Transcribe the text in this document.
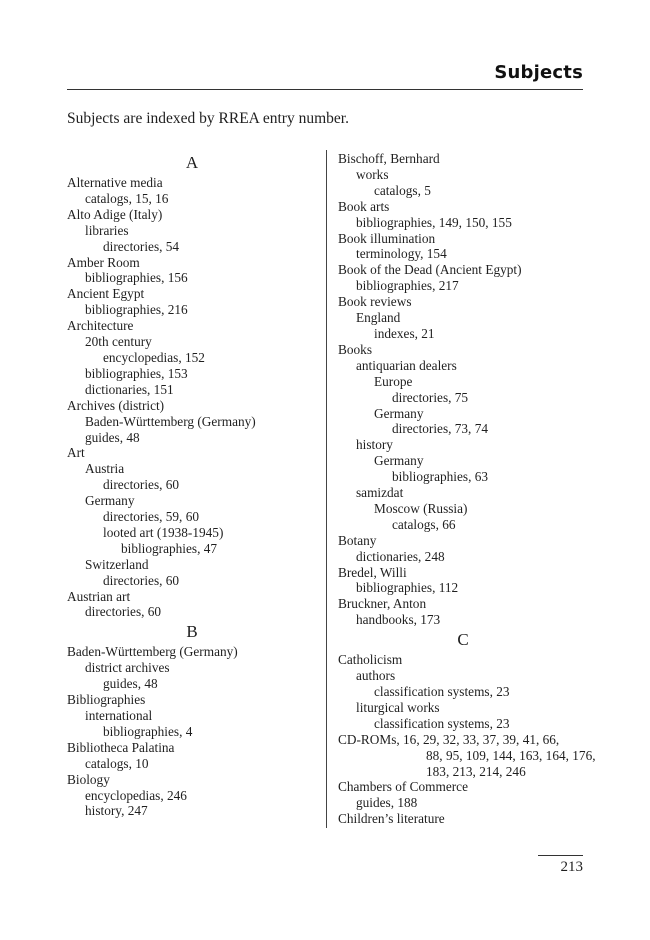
Subjects
Subjects are indexed by RREA entry number.
A
Alternative media
catalogs, 15, 16
Alto Adige (Italy)
libraries
directories, 54
Amber Room
bibliographies, 156
Ancient Egypt
bibliographies, 216
Architecture
20th century
encyclopedias, 152
bibliographies, 153
dictionaries, 151
Archives (district)
Baden-Württemberg (Germany)
guides, 48
Art
Austria
directories, 60
Germany
directories, 59, 60
looted art (1938-1945)
bibliographies, 47
Switzerland
directories, 60
Austrian art
directories, 60
B
Baden-Württemberg (Germany)
district archives
guides, 48
Bibliographies
international
bibliographies, 4
Bibliotheca Palatina
catalogs, 10
Biology
encyclopedias, 246
history, 247
Bischoff, Bernhard
works
catalogs, 5
Book arts
bibliographies, 149, 150, 155
Book illumination
terminology, 154
Book of the Dead (Ancient Egypt)
bibliographies, 217
Book reviews
England
indexes, 21
Books
antiquarian dealers
Europe
directories, 75
Germany
directories, 73, 74
history
Germany
bibliographies, 63
samizdat
Moscow (Russia)
catalogs, 66
Botany
dictionaries, 248
Bredel, Willi
bibliographies, 112
Bruckner, Anton
handbooks, 173
C
Catholicism
authors
classification systems, 23
liturgical works
classification systems, 23
CD-ROMs, 16, 29, 32, 33, 37, 39, 41, 66,
88, 95, 109, 144, 163, 164, 176,
183, 213, 214, 246
Chambers of Commerce
guides, 188
Children’s literature
213
